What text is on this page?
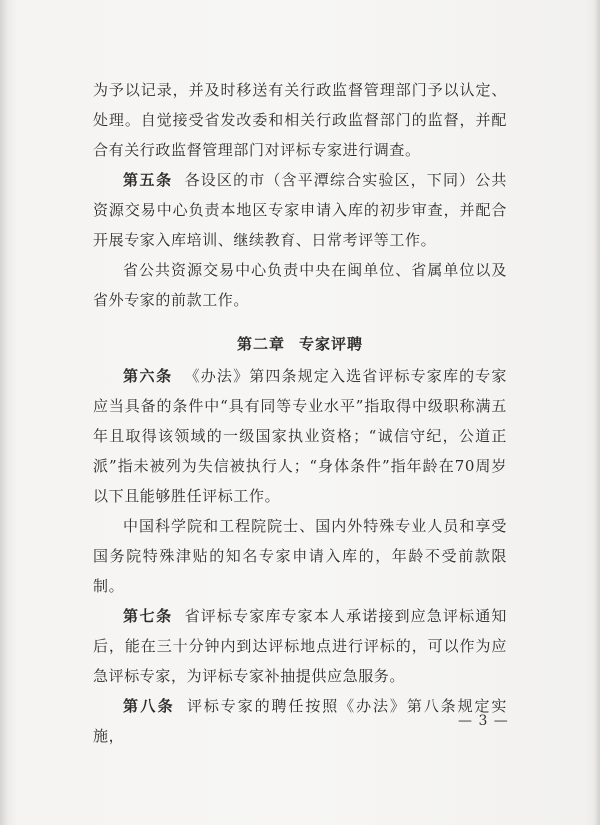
为予以记录，并及时移送有关行政监督管理部门予以认定、处理。自觉接受省发改委和相关行政监督部门的监督，并配合有关行政监督管理部门对评标专家进行调查。

第五条 各设区的市（含平潭综合实验区，下同）公共资源交易中心负责本地区专家申请入库的初步审查，并配合开展专家入库培训、继续教育、日常考评等工作。

省公共资源交易中心负责中央在闽单位、省属单位以及省外专家的前款工作。

第二章 专家评聘

第六条 《办法》第四条规定入选省评标专家库的专家应当具备的条件中“具有同等专业水平”指取得中级职称满五年且取得该领域的一级国家执业资格；“诚信守纪，公道正派”指未被列为失信被执行人；“身体条件”指年龄在70周岁以下且能够胜任评标工作。

中国科学院和工程院院士、国内外特殊专业人员和享受国务院特殊津贴的知名专家申请入库的，年龄不受前款限制。

第七条 省评标专家库专家本人承诺接到应急评标通知后，能在三十分钟内到达评标地点进行评标的，可以作为应急评标专家，为评标专家补抽提供应急服务。

第八条 评标专家的聘任按照《办法》第八条规定实施，

— 3 —
